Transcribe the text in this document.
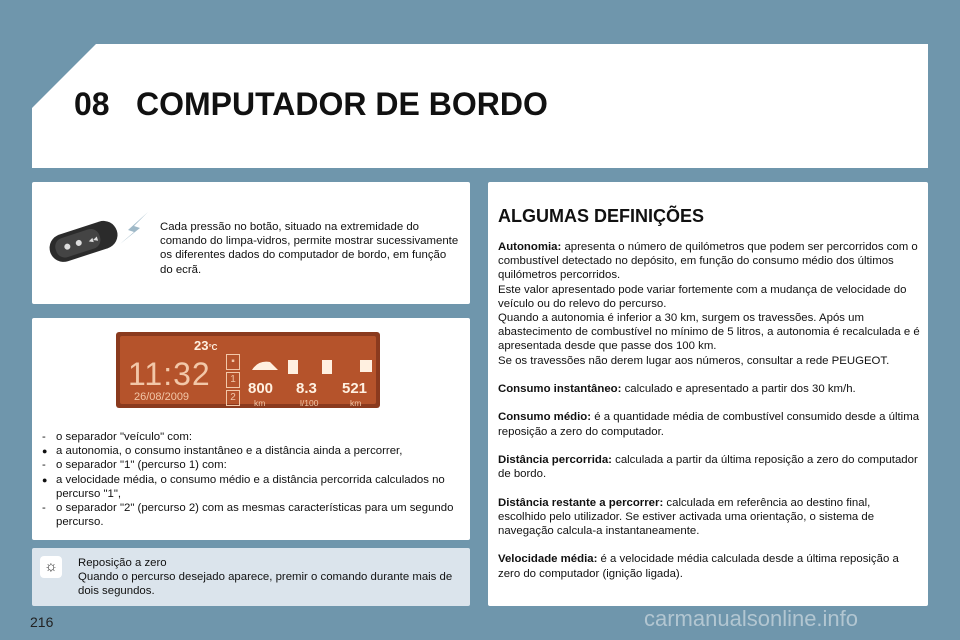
08 COMPUTADOR DE BORDO
◂◂
Cada pressão no botão, situado na extremidade do comando do limpa-vidros, permite mostrar sucessivamente os diferentes dados do computador de bordo, em função do ecrã.
23°C
11:32
26/08/2009
▪
1
2
800
km
8.3
l/100
521
km
- o separador "veículo" com:
● a autonomia, o consumo instantâneo e a distância ainda a percorrer,
- o separador "1" (percurso 1) com:
● a velocidade média, o consumo médio e a distância percorrida calculados no percurso "1",
- o separador "2" (percurso 2) com as mesmas características para um segundo percurso.
☼	Reposição a zero
Quando o percurso desejado aparece, premir o comando durante mais de dois segundos.
ALGUMAS DEFINIÇÕES

Autonomia: apresenta o número de quilómetros que podem ser percorridos com o combustível detectado no depósito, em função do consumo médio dos últimos quilómetros percorridos.
Este valor apresentado pode variar fortemente com a mudança de velocidade do veículo ou do relevo do percurso.
Quando a autonomia é inferior a 30 km, surgem os travessões. Após um abastecimento de combustível no mínimo de 5 litros, a autonomia é recalculada e é apresentada desde que passe dos 100 km.
Se os travessões não derem lugar aos números, consultar a rede PEUGEOT.

Consumo instantâneo: calculado e apresentado a partir dos 30 km/h.

Consumo médio: é a quantidade média de combustível consumido desde a última reposição a zero do computador.

Distância percorrida: calculada a partir da última reposição a zero do computador de bordo.

Distância restante a percorrer: calculada em referência ao destino final, escolhido pelo utilizador. Se estiver activada uma orientação, o sistema de navegação calcula-a instantaneamente.

Velocidade média: é a velocidade média calculada desde a última reposição a zero do computador (ignição ligada).

216	carmanualsonline.info
